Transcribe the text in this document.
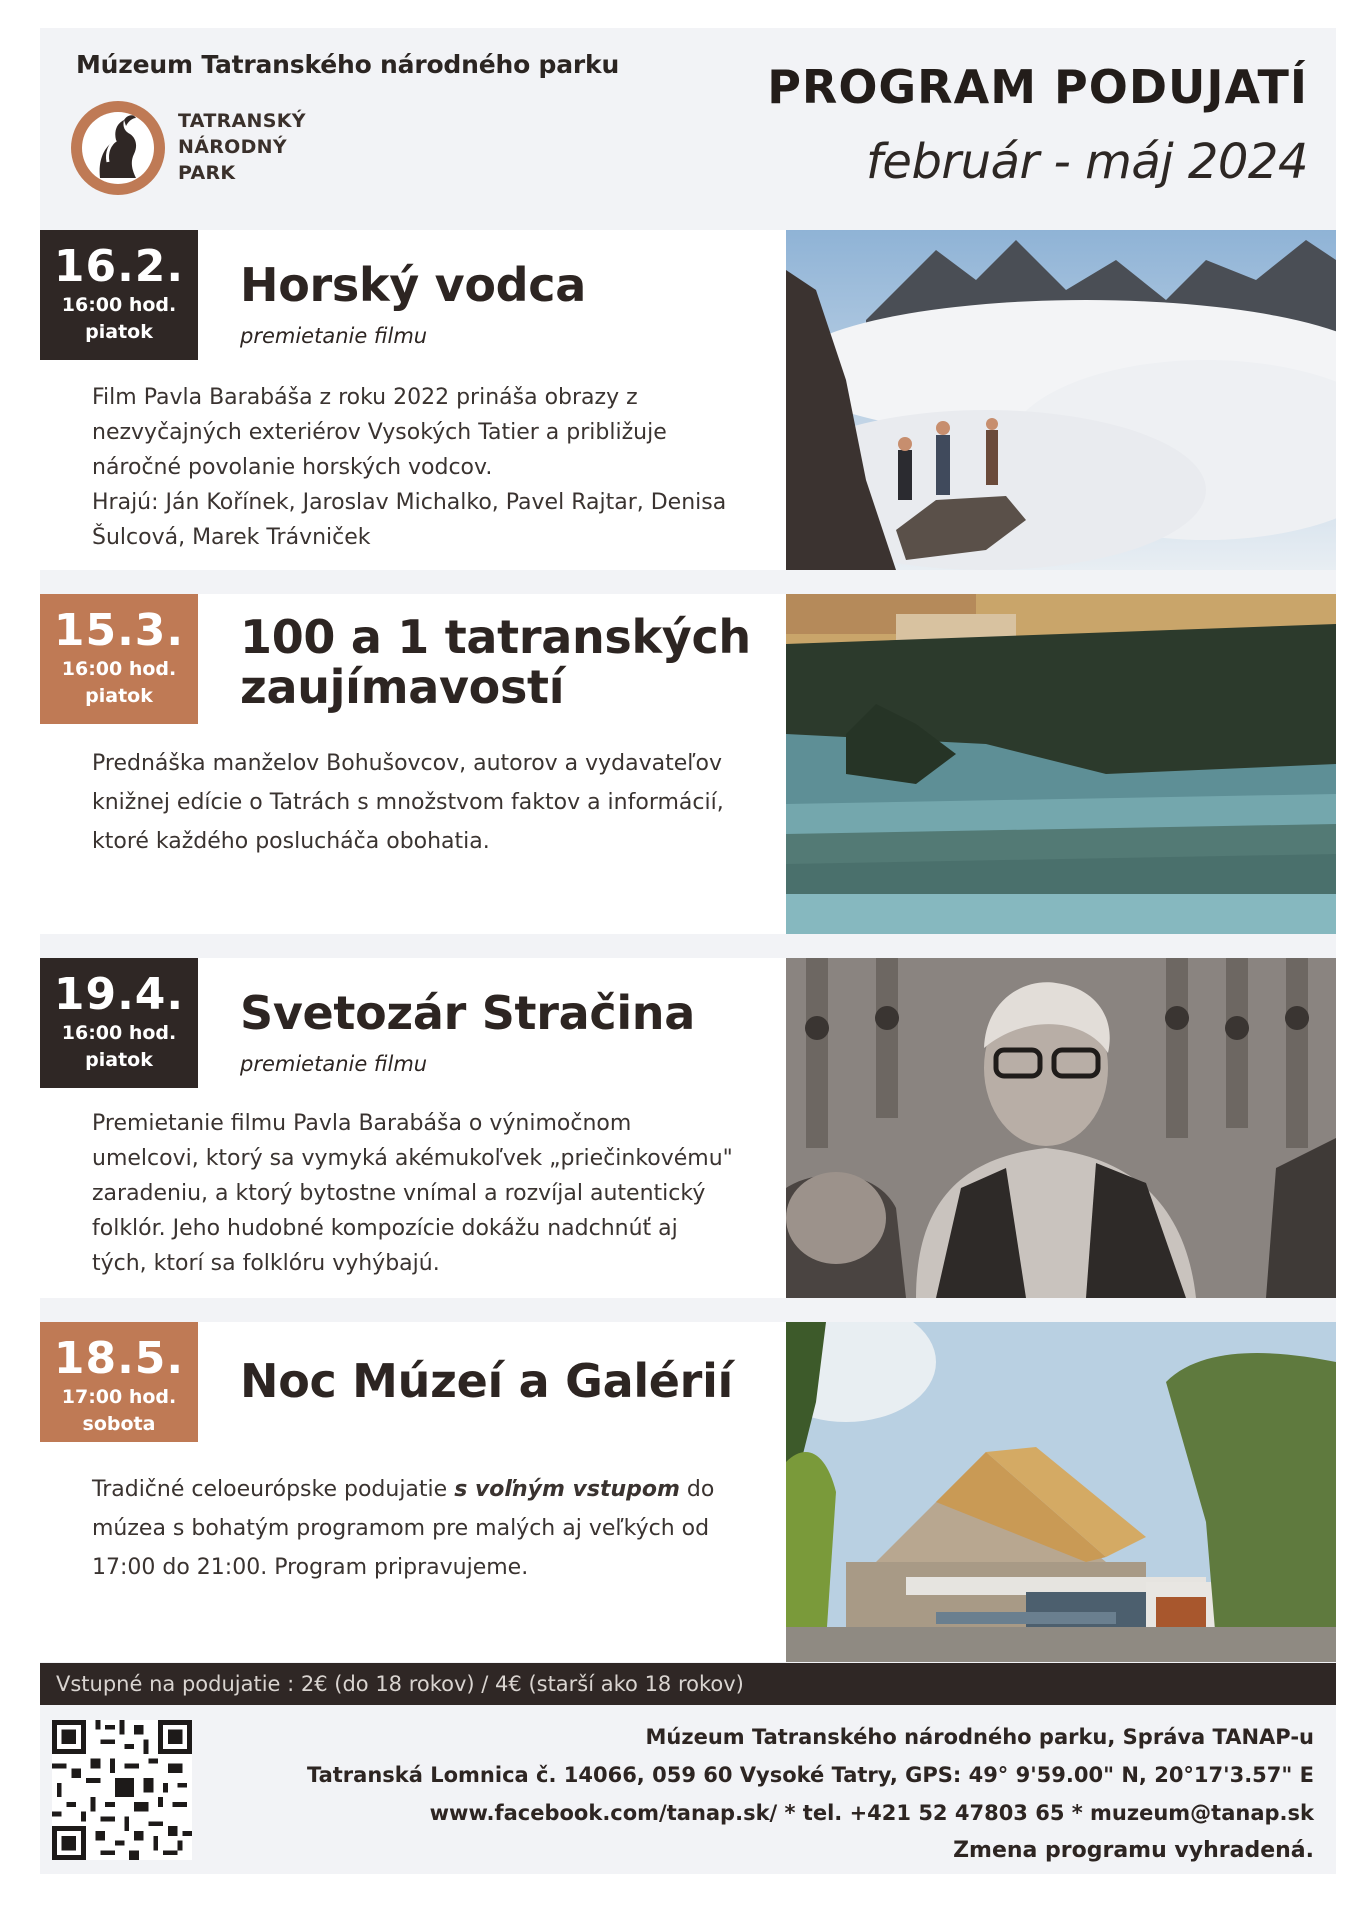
Múzeum Tatranského národného parku
TATRANSKÝ
NÁRODNÝ
PARK
PROGRAM PODUJATÍ
február - máj 2024
16.2.
16:00 hod.
piatok
Horský vodca
premietanie filmu
Film Pavla Barabáša z roku 2022 prináša obrazy z
nezvyčajných exteriérov Vysokých Tatier a približuje
náročné povolanie horských vodcov.
Hrajú: Ján Kořínek, Jaroslav Michalko, Pavel Rajtar, Denisa
Šulcová, Marek Trávniček
15.3.
16:00 hod.
piatok
100 a 1 tatranských
zaujímavostí
Prednáška manželov Bohušovcov, autorov a vydavateľov
knižnej edície o Tatrách s množstvom faktov a informácií,
ktoré každého poslucháča obohatia.
19.4.
16:00 hod.
piatok
Svetozár Stračina
premietanie filmu
Premietanie filmu Pavla Barabáša o výnimočnom
umelcovi, ktorý sa vymyká akémukoľvek „priečinkovému"
zaradeniu, a ktorý bytostne vnímal a rozvíjal autentický
folklór. Jeho hudobné kompozície dokážu nadchnúť aj
tých, ktorí sa folklóru vyhýbajú.
18.5.
17:00 hod.
sobota
Noc Múzeí a Galérií
Tradičné celoeurópske podujatie s voľným vstupom do
múzea s bohatým programom pre malých aj veľkých od
17:00 do 21:00. Program pripravujeme.
Vstupné na podujatie : 2€ (do 18 rokov) / 4€ (starší ako 18 rokov)
Múzeum Tatranského národného parku, Správa TANAP-u
Tatranská Lomnica č. 14066, 059 60 Vysoké Tatry, GPS: 49° 9'59.00" N, 20°17'3.57" E
www.facebook.com/tanap.sk/ * tel. +421 52 47803 65 * muzeum@tanap.sk
Zmena programu vyhradená.
